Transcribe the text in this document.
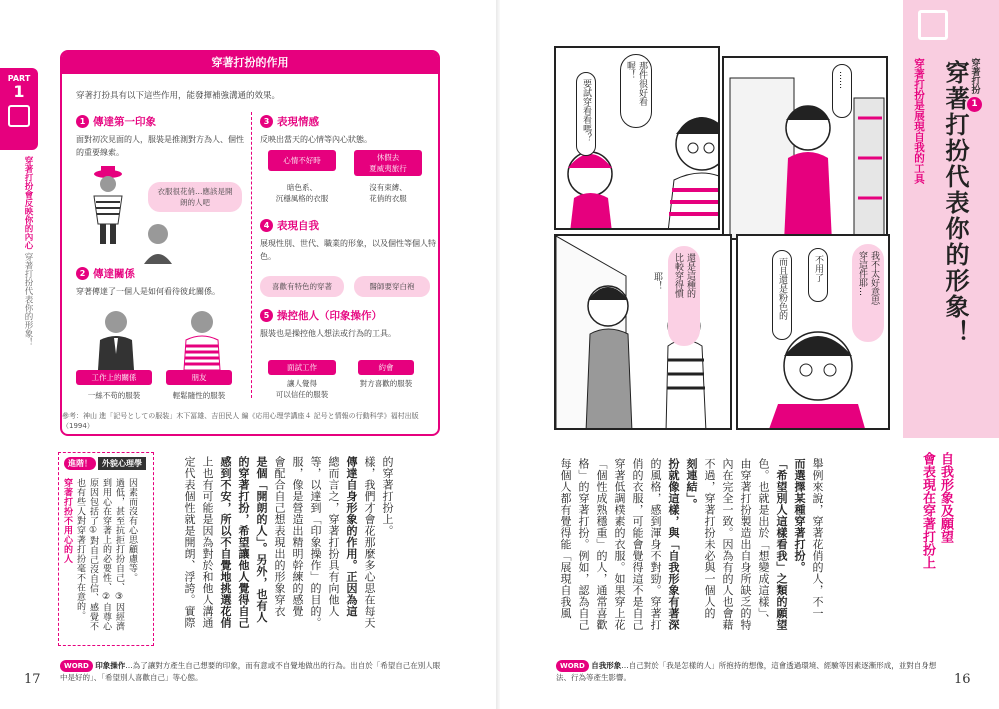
PART
1
穿著打扮會反映你的內心 穿著打扮代表你的形象！
穿著打扮的作用
穿著打扮具有以下這些作用，能發揮補強溝通的效果。
1 傳達第一印象
面對初次見面的人，服裝是推測對方為人、個性的重要線索。
衣服很花俏…應該是開朗的人吧
2 傳達關係
穿著傳達了一個人是如何看待彼此關係。
工作上的關係	朋友
一絲不苟的服裝	輕鬆隨性的服裝
3 表現情感
反映出當天的心情等內心狀態。
心情不好時	休假去
夏威夷旅行
暗色系、
沉穩風格的衣服
沒有束縛、
花俏的衣服
4 表現自我
展現性別、世代、職業的形象，以及個性等個人特色。
喜歡有特色的穿著	醫師要穿白袍
5 操控他人（印象操作）
服裝也是操控他人想法或行為的工具。
面試工作	約會
讓人覺得
可以信任的服裝
對方喜歡的服裝
參考：神山 進「記号としての服装」木下冨雄、吉田民人 編《応用心理学講座４ 記号と情報の行動科学》福村出版（1994）
的穿著打扮上。
樣，我們才會花那麼多心思在每天
傳達自身形象的作用。正因為這
總而言之，穿著打扮具有向他人
等，以達到「印象操作」的目的。
服，像是營造出精明幹練的感覺
會配合自己想表現出的形象穿衣
是個「開朗的人」。另外，也有人
的穿著打扮，希望讓他人覺得自己
感到不安，所以不自覺地挑選花俏
上也有可能是因為對於和他人溝通
定代表個性就是開朗、浮誇。實際
進階！	外貌心理學
因素而沒有心思顧慮等。
過低，甚至抗拒打扮自己、③因經濟
到用心在穿著上的必要性、②自尊心
原因包括了①對自己沒自信、感覺不
也有些人對穿著打扮毫不在意的。
穿著打扮不用心的人
WORD 印象操作…為了讓對方產生自己想要的印象，而有意或不自覺地做出的行為。出自於「希望自己在別人眼中是好的」、「希望別人喜歡自己」等心態。
17
穿著打扮 1
穿著打扮代表你的形象！
穿著打扮是展現自我的工具
那件很好看喔！
要試穿看看嗎？	……
還是這種的
比較穿得慣
耶！	我不太好意思
穿這件耶…
不用了
而且還是粉色的
自我形象及願望
會表現在穿著打扮上
舉例來說，穿著花俏的人，不一
而選擇某種穿著打扮。
「希望別人這樣看我」之類的願望
色。也就是出於「想變成這樣」、
由穿著打扮製造出自身所缺乏的特
內在完全一致。因為有的人也會藉
不過，穿著打扮未必與一個人的
刻連結」。
扮就像這樣，與「自我形象有著深
的風格，感到渾身不對勁。穿著打
俏的衣服，可能會覺得這不是自己
穿著低調樸素的衣服。如果穿上花
「個性成熟穩重」的人，通常喜歡
格」的穿著打扮。例如，認為自己
每個人都有覺得能「展現自我風
WORD 自我形象…自己對於「我是怎樣的人」所抱持的想像，這會透過環境、經驗等因素逐漸形成，並對自身想法、行為等產生影響。	16
